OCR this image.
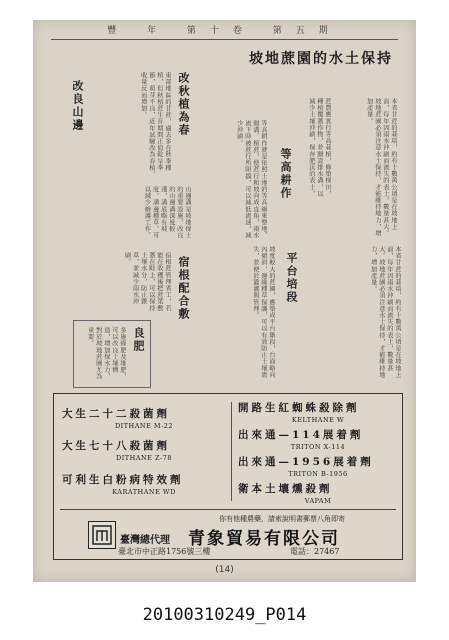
豐 年 第十卷 第五期
本省甘蔗的栽培，約有十數萬公頃是在坡地上面，每年因雨水沖刷而流失的表土，數量甚大。坡地蔗園必須注意水土保持，才能維持地力，增加產量。
坡地蔗園的水土保持
蔗農應實行等高栽植，修築梯田，種植覆蓋作物，並開設排水溝，以減少土壤沖刷，保存肥沃的表土。
等高耕作
等高耕作就是依照土地的等高線來整地、開溝、植蔗，使蔗行和坡向成直角，雨水流下時被蔗行所阻擋，可以減低流速，減少沖刷。
平台培段	本省甘蔗的栽培，約有十數萬公頃是在坡地上面，每年因雨水沖刷而流失的表土，數量甚大。坡地蔗園必須注意水土保持，才能維持地力，增加產量。
坡度較大的蔗園，應築成平台階段，台面略向內傾斜，邊緣種草保護，可以有效防止土壤流失，並便於灌溉與管理。
改秋植為春
東部地區的甘蔗，過去多在秋季種植，但秋植蔗生育期間正值乾旱季節，萌芽不良，近年試驗改為春植，收量反而增加。
改良山邊
山邊溝是坡地保土的重要設施，改良的山邊溝深度較淺，溝底略有坡度，溝邊種草，可以減少維護工作。
宿根配合敷
宿根蔗管理省工，若能在收穫後把蔗葉敷蓋在畦上，可以保持土壤水分，防止雜草，並減少雨水沖刷。
良肥
多施綠肥及堆肥，可以改良土壤構造，增加保水力，對於坡地蔗園尤為重要。
大生二十二殺菌劑
DITHANE M-22
大生七十八殺菌劑
DITHANE Z-78
可利生白粉病特效劑
KARATHANE WD
開路生紅蜘蛛殺除劑
KELTHANE W
出來通—114展着劑
TRITON X-114
出來通—1956展着劑
TRITON B-1956
衛本土壤燻殺劑
VAPAM
你有他種農藥，請索說明書郵票八角即寄
臺灣總代理 青象貿易有限公司
臺北市中正路1756號三樓	電話：27467
(14)
20100310249_P014
